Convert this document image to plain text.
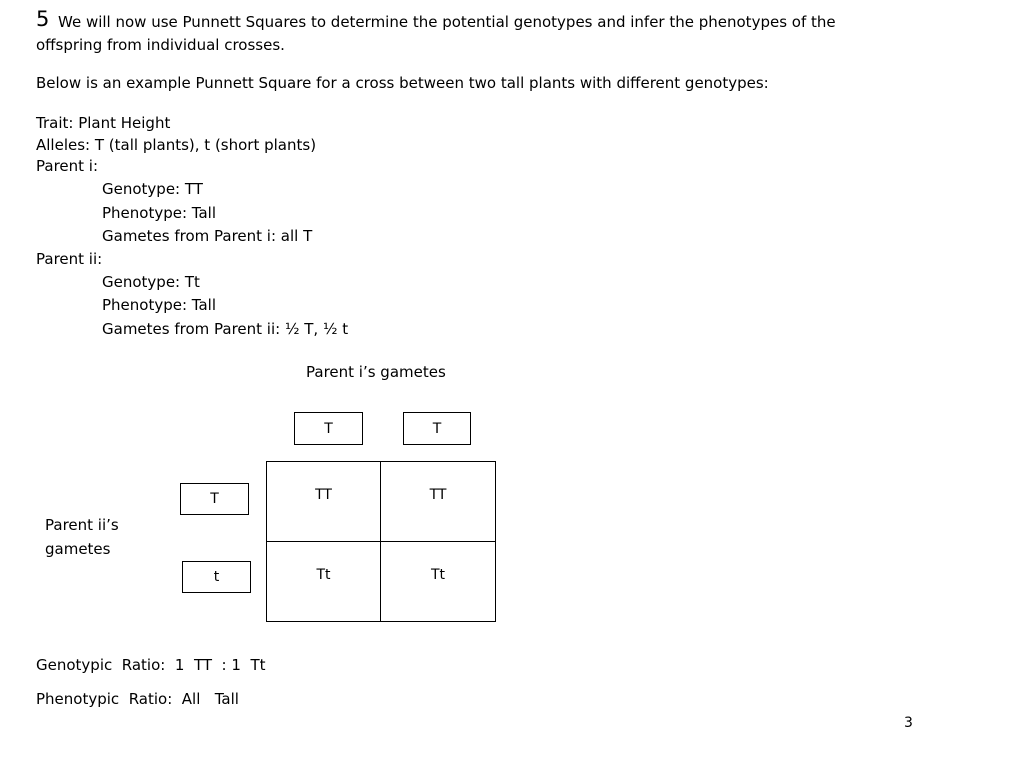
5 We will now use Punnett Squares to determine the potential genotypes and infer the phenotypes of the
offspring from individual crosses.
Below is an example Punnett Square for a cross between two tall plants with different genotypes:
Trait: Plant Height
Alleles: T (tall plants), t (short plants)
Parent i:
Genotype: TT
Phenotype: Tall
Gametes from Parent i: all T
Parent ii:
Genotype: Tt
Phenotype: Tall
Gametes from Parent ii: ½ T, ½ t
Parent i’s gametes
T	T
Parent ii’s
gametes
T
t
TT	TT
Tt	Tt
Genotypic  Ratio:  1  TT  : 1  Tt
Phenotypic  Ratio:  All   Tall
3
